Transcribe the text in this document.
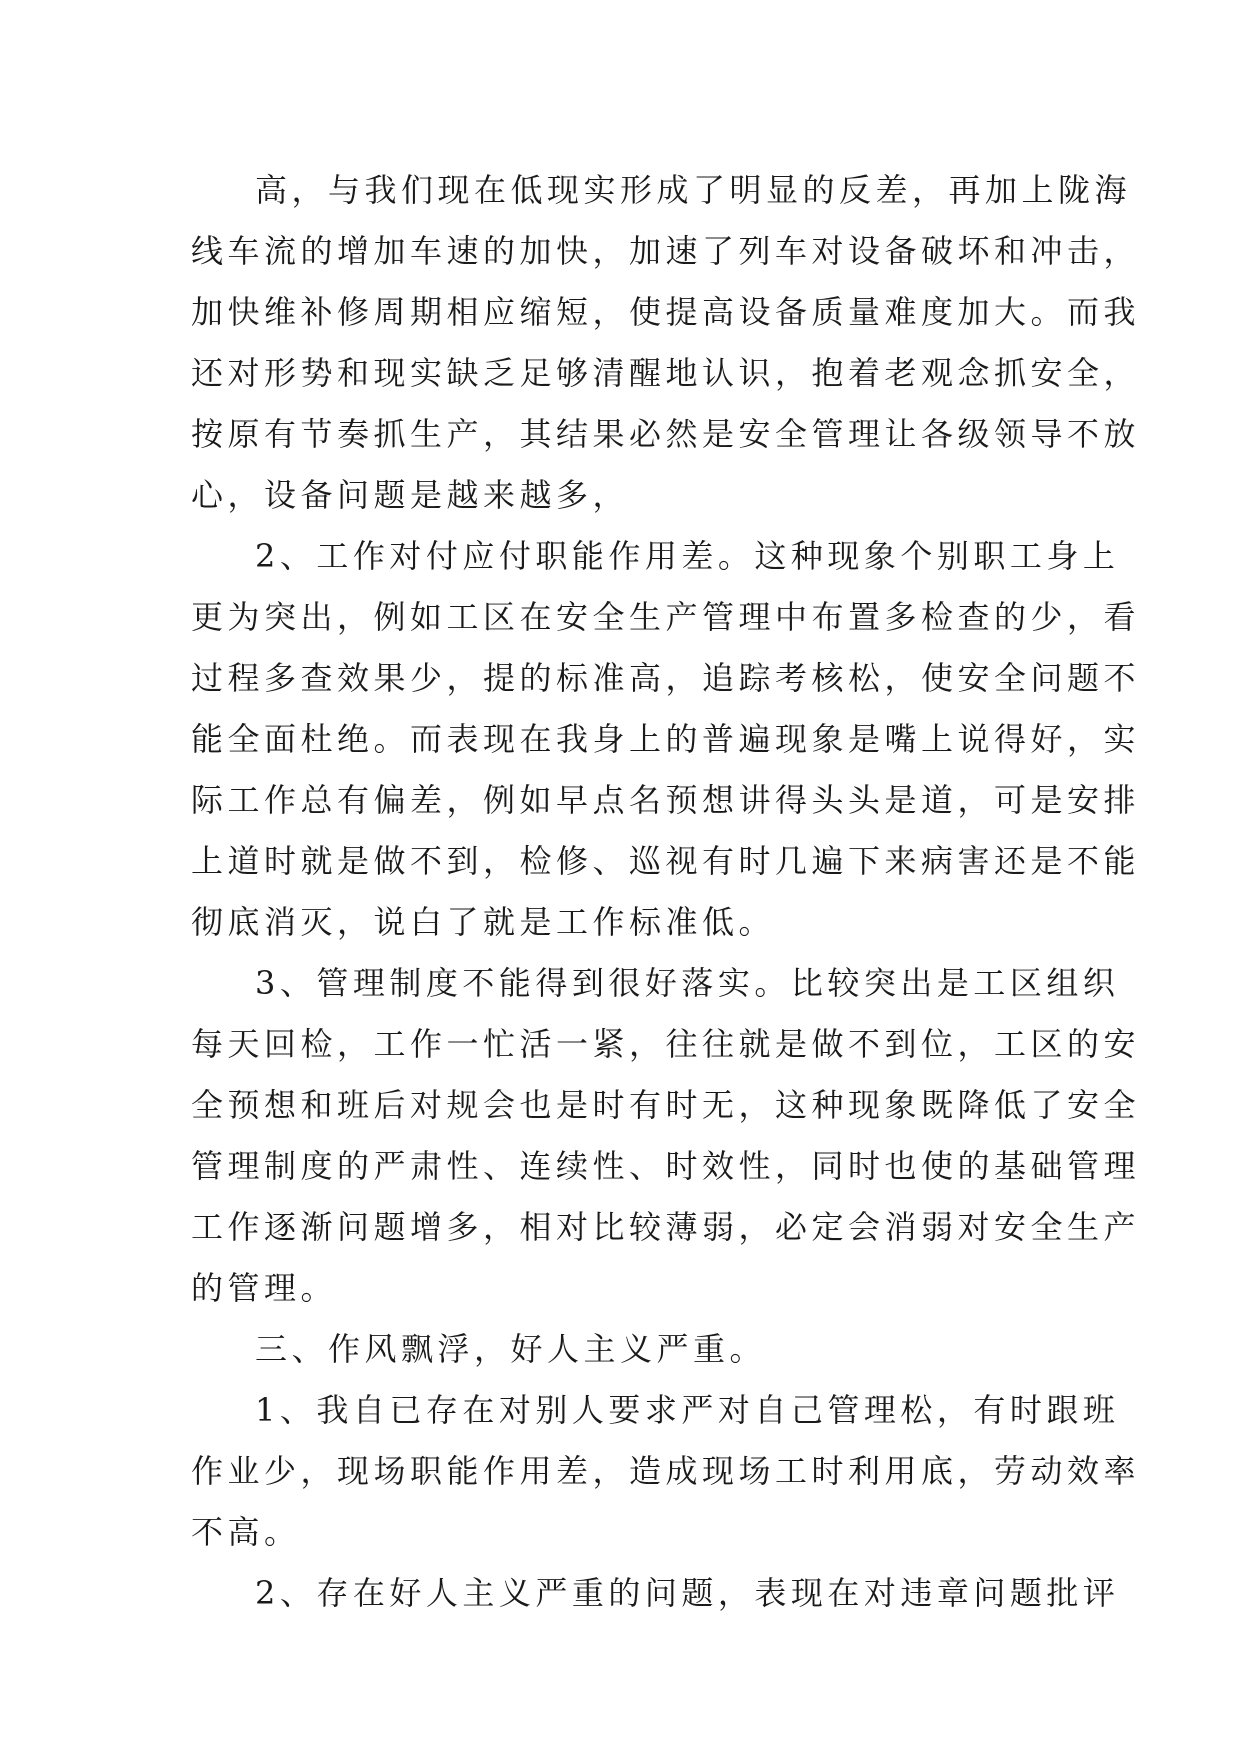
高，与我们现在低现实形成了明显的反差，再加上陇海
线车流的增加车速的加快，加速了列车对设备破坏和冲击，
加快维补修周期相应缩短，使提高设备质量难度加大。而我
还对形势和现实缺乏足够清醒地认识，抱着老观念抓安全，
按原有节奏抓生产，其结果必然是安全管理让各级领导不放
心，设备问题是越来越多，
2、工作对付应付职能作用差。这种现象个别职工身上
更为突出，例如工区在安全生产管理中布置多检查的少，看
过程多查效果少，提的标准高，追踪考核松，使安全问题不
能全面杜绝。而表现在我身上的普遍现象是嘴上说得好，实
际工作总有偏差，例如早点名预想讲得头头是道，可是安排
上道时就是做不到，检修、巡视有时几遍下来病害还是不能
彻底消灭，说白了就是工作标准低。
3、管理制度不能得到很好落实。比较突出是工区组织
每天回检，工作一忙活一紧，往往就是做不到位，工区的安
全预想和班后对规会也是时有时无，这种现象既降低了安全
管理制度的严肃性、连续性、时效性，同时也使的基础管理
工作逐渐问题增多，相对比较薄弱，必定会消弱对安全生产
的管理。
三、作风飘浮，好人主义严重。
1、我自已存在对别人要求严对自己管理松，有时跟班
作业少，现场职能作用差，造成现场工时利用底，劳动效率
不高。
2、存在好人主义严重的问题，表现在对违章问题批评
